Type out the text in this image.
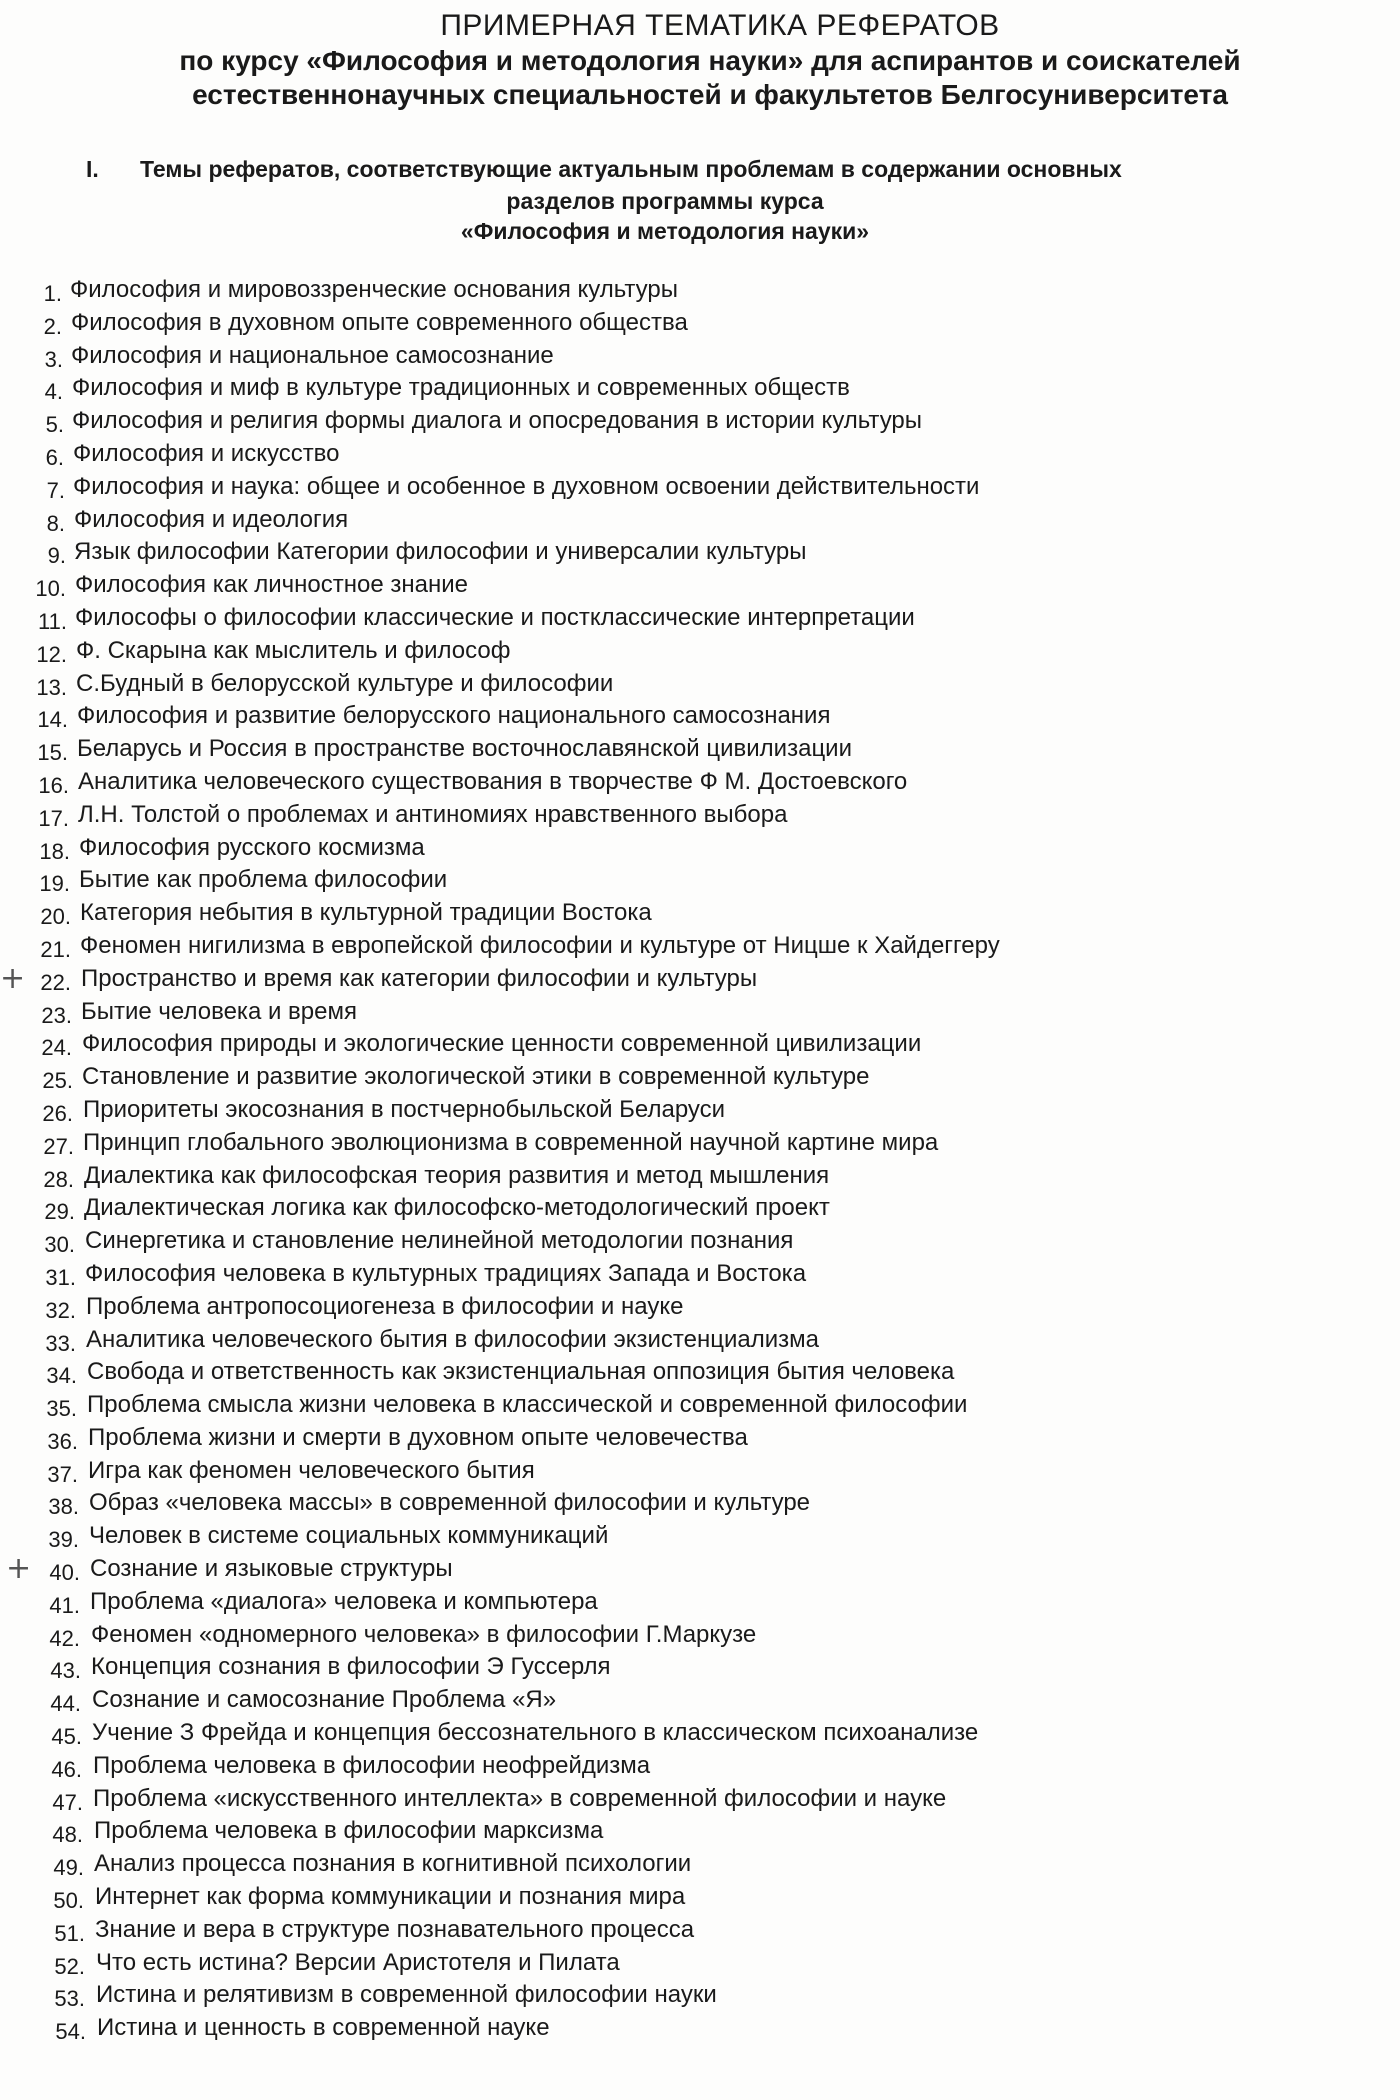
ПРИМЕРНАЯ ТЕМАТИКА РЕФЕРАТОВ
по курсу «Философия и методология науки» для аспирантов и соискателей
естественнонаучных специальностей и факультетов Белгосуниверситета
I. Темы рефератов, соответствующие актуальным проблемам в содержании основных
разделов программы курса
«Философия и методология науки»
1. Философия и мировоззренческие основания культуры
2. Философия в духовном опыте современного общества
3. Философия и национальное самосознание
4. Философия и миф в культуре традиционных и современных обществ
5. Философия и религия формы диалога и опосредования в истории культуры
6. Философия и искусство
7. Философия и наука: общее и особенное в духовном освоении действительности
8. Философия и идеология
9. Язык философии Категории философии и универсалии культуры
10. Философия как личностное знание
11. Философы о философии классические и постклассические интерпретации
12. Ф. Скарына как мыслитель и философ
13. С.Будный в белорусской культуре и философии
14. Философия и развитие белорусского национального самосознания
15. Беларусь и Россия в пространстве восточнославянской цивилизации
16. Аналитика человеческого существования в творчестве Ф М. Достоевского
17. Л.Н. Толстой о проблемах и антиномиях нравственного выбора
18. Философия русского космизма
19. Бытие как проблема философии
20. Категория небытия в культурной традиции Востока
21. Феномен нигилизма в европейской философии и культуре от Ницше к Хайдеггеру
22. Пространство и время как категории философии и культуры
23. Бытие человека и время
24. Философия природы и экологические ценности современной цивилизации
25. Становление и развитие экологической этики в современной культуре
26. Приоритеты экосознания в постчернобыльской Беларуси
27. Принцип глобального эволюционизма в современной научной картине мира
28. Диалектика как философская теория развития и метод мышления
29. Диалектическая логика как философско-методологический проект
30. Синергетика и становление нелинейной методологии познания
31. Философия человека в культурных традициях Запада и Востока
32. Проблема антропосоциогенеза в философии и науке
33. Аналитика человеческого бытия в философии экзистенциализма
34. Свобода и ответственность как экзистенциальная оппозиция бытия человека
35. Проблема смысла жизни человека в классической и современной философии
36. Проблема жизни и смерти в духовном опыте человечества
37. Игра как феномен человеческого бытия
38. Образ «человека массы» в современной философии и культуре
39. Человек в системе социальных коммуникаций
40. Сознание и языковые структуры
41. Проблема «диалога» человека и компьютера
42. Феномен «одномерного человека» в философии Г.Маркузе
43. Концепция сознания в философии Э Гуссерля
44. Сознание и самосознание Проблема «Я»
45. Учение З Фрейда и концепция бессознательного в классическом психоанализе
46. Проблема человека в философии неофрейдизма
47. Проблема «искусственного интеллекта» в современной философии и науке
48. Проблема человека в философии марксизма
49. Анализ процесса познания в когнитивной психологии
50. Интернет как форма коммуникации и познания мира
51. Знание и вера в структуре познавательного процесса
52. Что есть истина? Версии Аристотеля и Пилата
53. Истина и релятивизм в современной философии науки
54. Истина и ценность в современной науке
+
+
